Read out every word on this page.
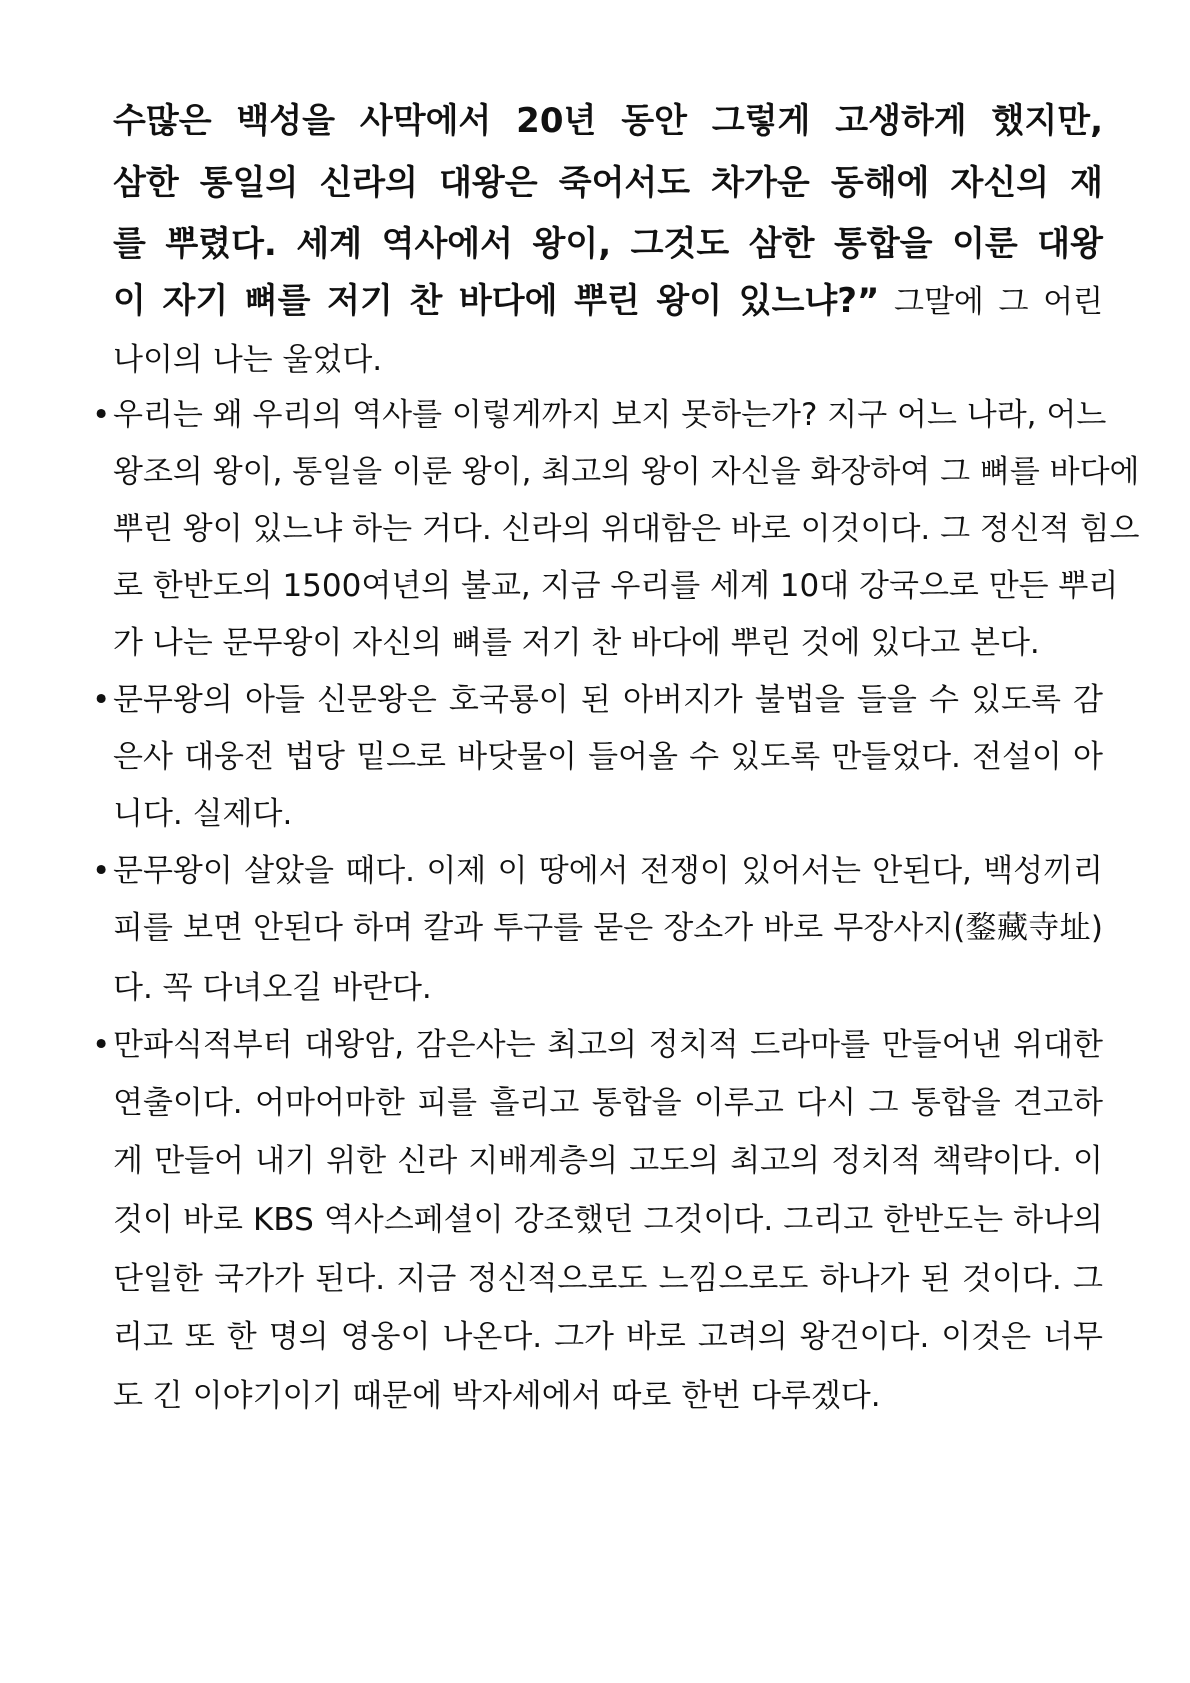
수많은 백성을 사막에서 20년 동안 그렇게 고생하게 했지만,
삼한 통일의 신라의 대왕은 죽어서도 차가운 동해에 자신의 재
를 뿌렸다. 세계 역사에서 왕이, 그것도 삼한 통합을 이룬 대왕
이 자기 뼈를 저기 찬 바다에 뿌린 왕이 있느냐?” 그말에 그 어린
나이의 나는 울었다.
• 우리는 왜 우리의 역사를 이렇게까지 보지 못하는가? 지구 어느 나라, 어느
왕조의 왕이, 통일을 이룬 왕이, 최고의 왕이 자신을 화장하여 그 뼈를 바다에
뿌린 왕이 있느냐 하는 거다. 신라의 위대함은 바로 이것이다. 그 정신적 힘으
로 한반도의 1500여년의 불교, 지금 우리를 세계 10대 강국으로 만든 뿌리
가 나는 문무왕이 자신의 뼈를 저기 찬 바다에 뿌린 것에 있다고 본다.
• 문무왕의 아들 신문왕은 호국룡이 된 아버지가 불법을 들을 수 있도록 감
은사 대웅전 법당 밑으로 바닷물이 들어올 수 있도록 만들었다. 전설이 아
니다. 실제다.
• 문무왕이 살았을 때다. 이제 이 땅에서 전쟁이 있어서는 안된다, 백성끼리
피를 보면 안된다 하며 칼과 투구를 묻은 장소가 바로 무장사지(鍪藏寺址)
다. 꼭 다녀오길 바란다.
• 만파식적부터 대왕암, 감은사는 최고의 정치적 드라마를 만들어낸 위대한
연출이다. 어마어마한 피를 흘리고 통합을 이루고 다시 그 통합을 견고하
게 만들어 내기 위한 신라 지배계층의 고도의 최고의 정치적 책략이다. 이
것이 바로 KBS 역사스페셜이 강조했던 그것이다. 그리고 한반도는 하나의
단일한 국가가 된다. 지금 정신적으로도 느낌으로도 하나가 된 것이다. 그
리고 또 한 명의 영웅이 나온다. 그가 바로 고려의 왕건이다. 이것은 너무
도 긴 이야기이기 때문에 박자세에서 따로 한번 다루겠다.
